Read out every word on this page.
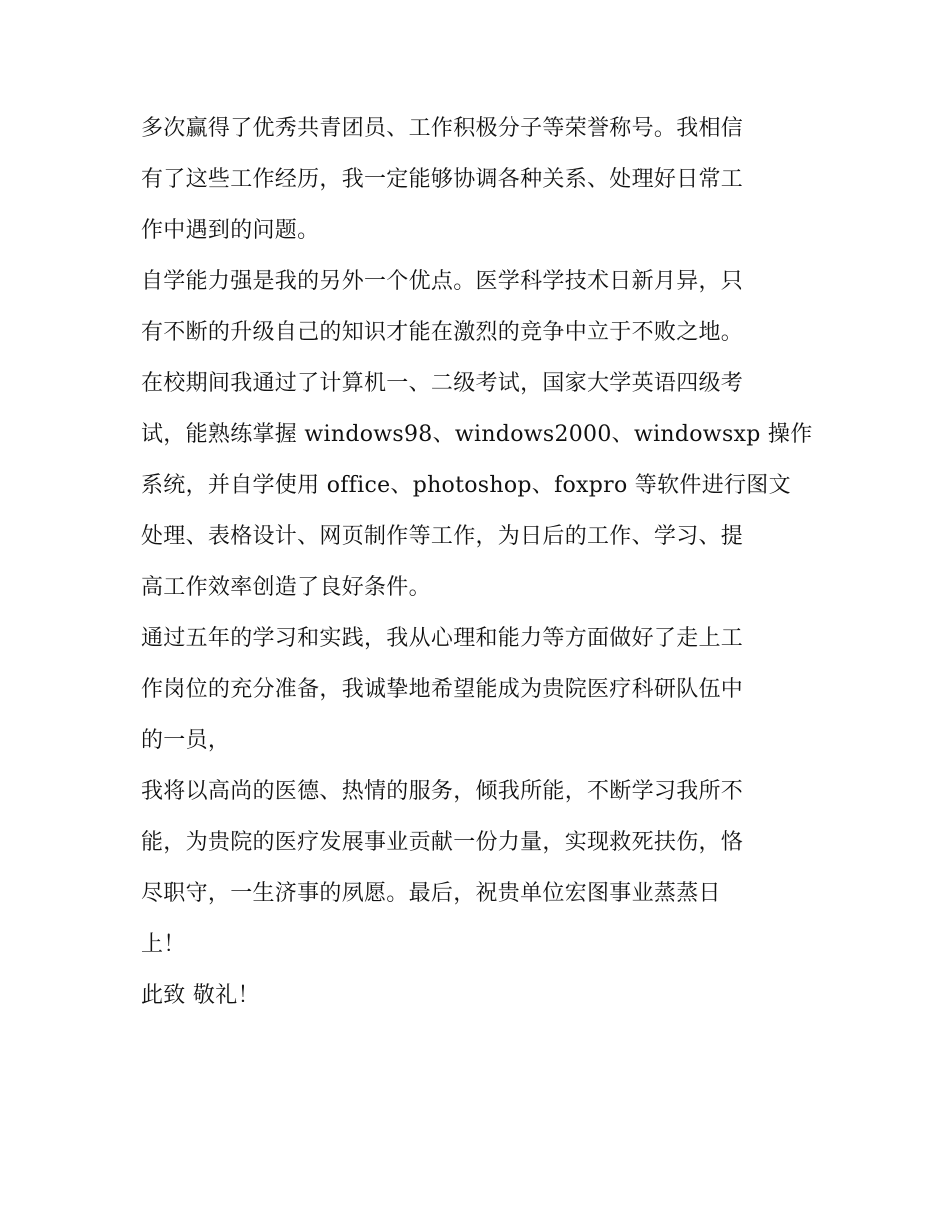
多次赢得了优秀共青团员、工作积极分子等荣誉称号。我相信
有了这些工作经历，我一定能够协调各种关系、处理好日常工
作中遇到的问题。

自学能力强是我的另外一个优点。医学科学技术日新月异，只
有不断的升级自己的知识才能在激烈的竞争中立于不败之地。
在校期间我通过了计算机一、二级考试，国家大学英语四级考
试，能熟练掌握 windows98、windows2000、windowsxp 操作
系统，并自学使用 office、photoshop、foxpro 等软件进行图文
处理、表格设计、网页制作等工作，为日后的工作、学习、提
高工作效率创造了良好条件。

通过五年的学习和实践，我从心理和能力等方面做好了走上工
作岗位的充分准备，我诚挚地希望能成为贵院医疗科研队伍中
的一员，

我将以高尚的医德、热情的服务，倾我所能，不断学习我所不
能，为贵院的医疗发展事业贡献一份力量，实现救死扶伤，恪
尽职守，一生济事的夙愿。最后，祝贵单位宏图事业蒸蒸日
上！

此致 敬礼！
